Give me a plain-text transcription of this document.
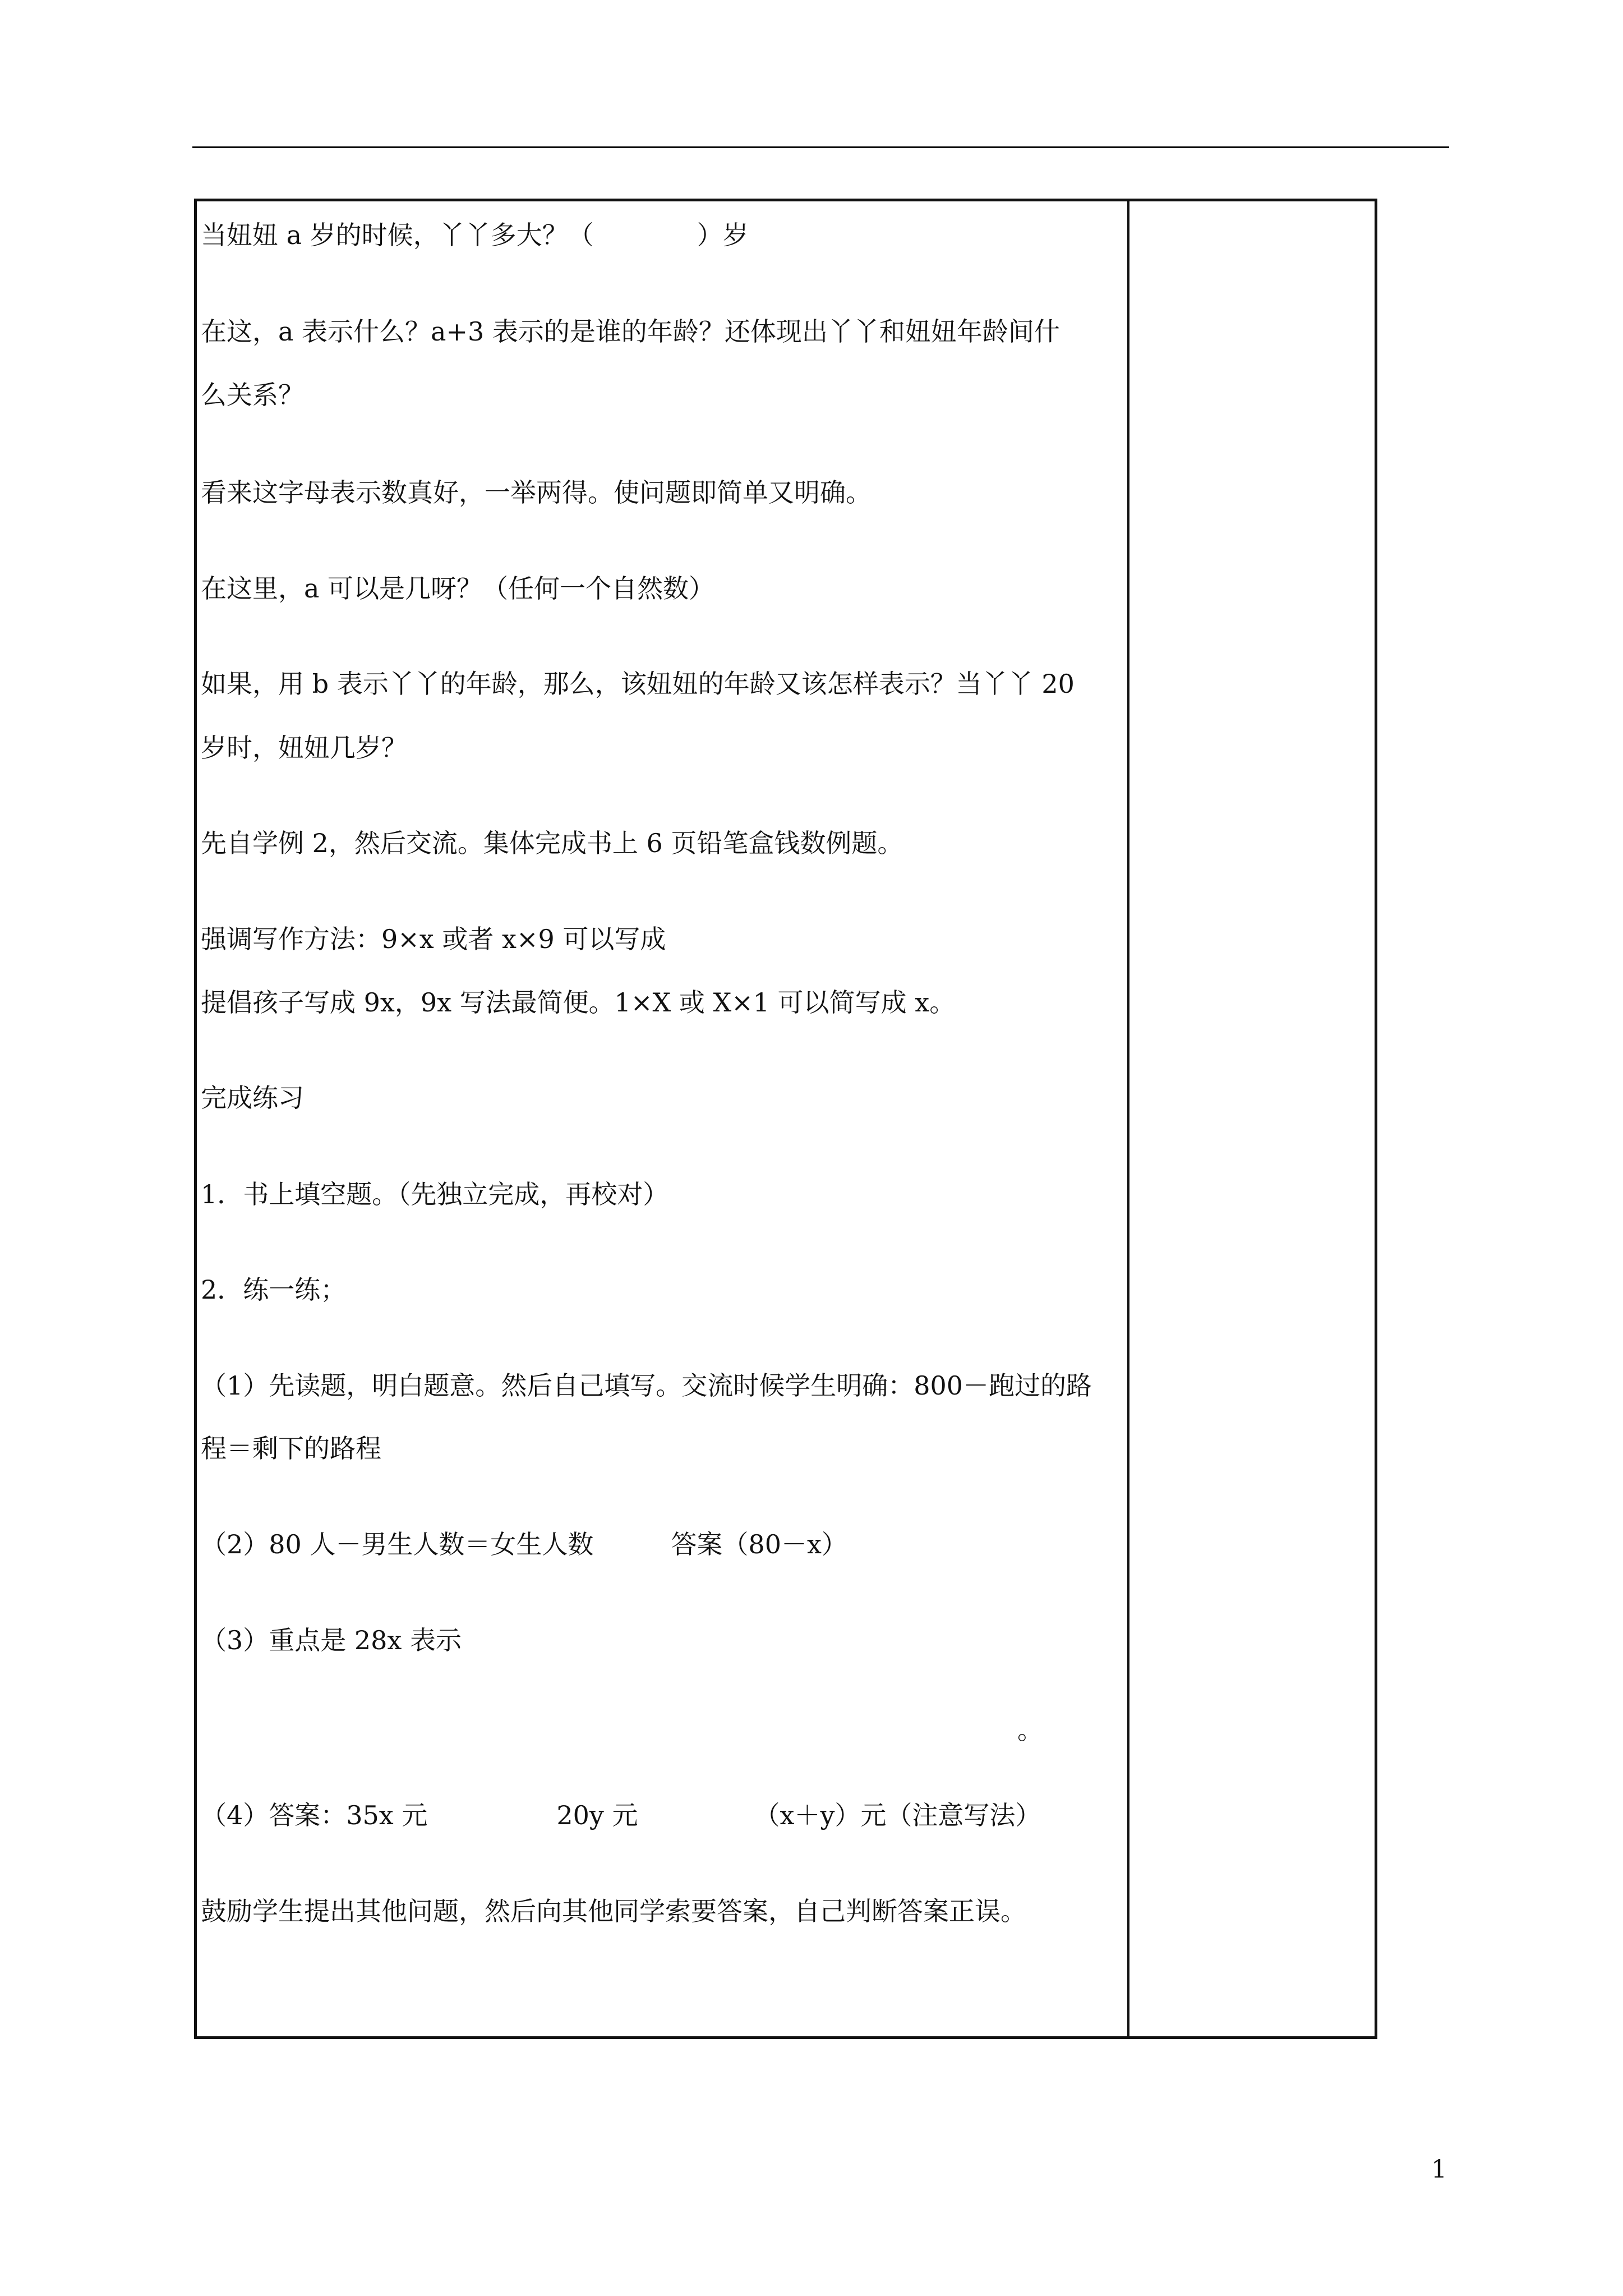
当妞妞 a 岁的时候，丫丫多大？（　　　　）岁
在这，a 表示什么？a+3 表示的是谁的年龄？还体现出丫丫和妞妞年龄间什
么关系？
看来这字母表示数真好，一举两得。使问题即简单又明确。
在这里，a 可以是几呀？（任何一个自然数）
如果，用 b 表示丫丫的年龄，那么，该妞妞的年龄又该怎样表示？当丫丫 20
岁时，妞妞几岁？
先自学例 2，然后交流。集体完成书上 6 页铅笔盒钱数例题。
强调写作方法：9×x 或者 x×9 可以写成
提倡孩子写成 9x，9x 写法最简便。1×X 或 X×1 可以简写成 x。
完成练习
1．书上填空题。（先独立完成，再校对）
2．练一练；
（1）先读题，明白题意。然后自己填写。交流时候学生明确：800－跑过的路
程＝剩下的路程
（2）80 人－男生人数＝女生人数　　　答案（80－x）
（3）重点是 28x 表示
。
（4）答案：35x 元　　　　　20y 元　　　　　（x＋y）元（注意写法）
鼓励学生提出其他问题，然后向其他同学索要答案，自己判断答案正误。
1
